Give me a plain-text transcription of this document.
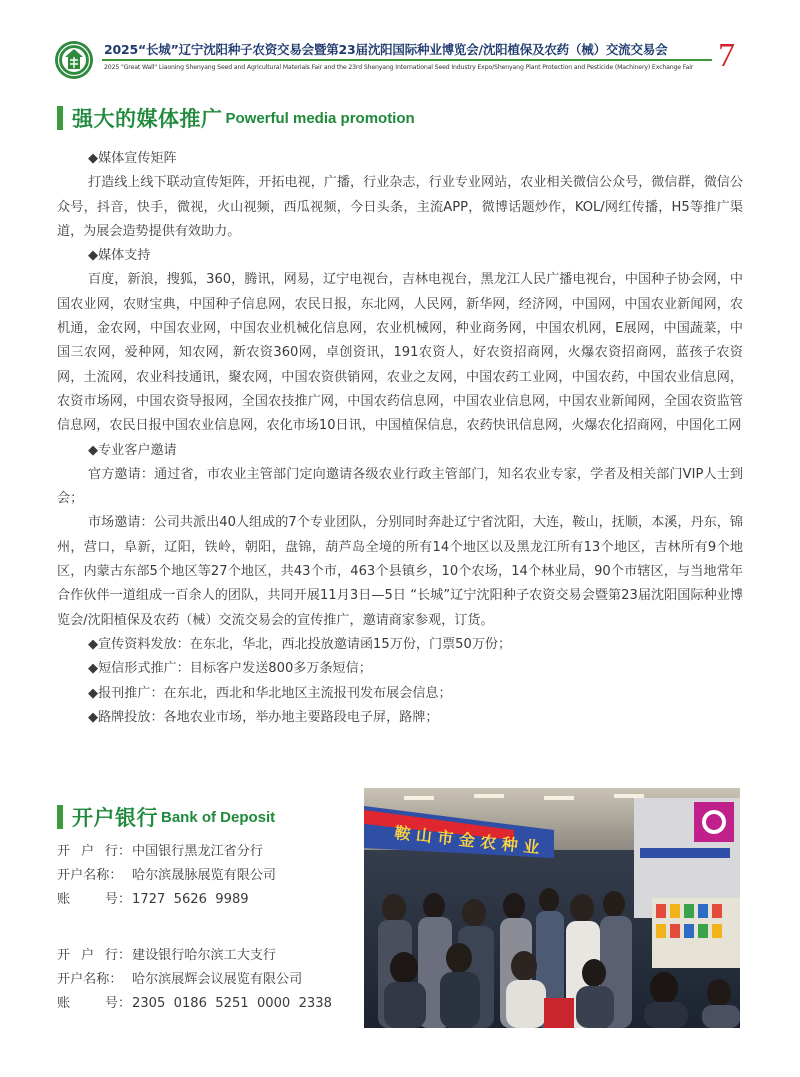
2025“长城”辽宁沈阳种子农资交易会暨第23届沈阳国际种业博览会/沈阳植保及农药（械）交流交易会
2025 "Great Wall" Liaoning Shenyang Seed and Agricultural Materials Fair and the 23rd Shenyang International Seed Industry Expo/Shenyang Plant Protection and Pesticide (Machinery) Exchange Fair 7
强大的媒体推广 Powerful media promotion
◆媒体宣传矩阵
打造线上线下联动宣传矩阵，开拓电视，广播，行业杂志，行业专业网站，农业相关微信公众号，微信群，微信公众号，抖音，快手，微视，火山视频，西瓜视频，今日头条，主流APP，微博话题炒作，KOL/网红传播，H5等推广渠道，为展会造势提供有效助力。
◆媒体支持
百度，新浪，搜狐，360，腾讯，网易，辽宁电视台，吉林电视台，黑龙江人民广播电视台，中国种子协会网，中国农业网，农财宝典，中国种子信息网，农民日报，东北网，人民网，新华网，经济网，中国网，中国农业新闻网，农机通，金农网，中国农业网，中国农业机械化信息网，农业机械网，种业商务网，中国农机网，E展网，中国蔬菜，中国三农网，爱种网，知农网，新农资360网，卓创资讯，191农资人，好农资招商网，火爆农资招商网，蓝孩子农资网，土流网，农业科技通讯，聚农网，中国农资供销网，农业之友网，中国农药工业网，中国农药，中国农业信息网，农资市场网，中国农资导报网，全国农技推广网，中国农药信息网，中国农业信息网，中国农业新闻网，全国农资监管信息网，农民日报中国农业信息网，农化市场10日讯，中国植保信息，农药快讯信息网，火爆农化招商网，中国化工网
◆专业客户邀请
官方邀请：通过省，市农业主管部门定向邀请各级农业行政主管部门，知名农业专家，学者及相关部门VIP人士到会；
市场邀请：公司共派出40人组成的7个专业团队，分别同时奔赴辽宁省沈阳，大连，鞍山，抚顺，本溪，丹东，锦州，营口，阜新，辽阳，铁岭，朝阳，盘锦，葫芦岛全境的所有14个地区以及黑龙江所有13个地区，吉林所有9个地区，内蒙古东部5个地区等27个地区，共43个市，463个县镇乡，10个农场，14个林业局，90个市辖区，与当地常年合作伙伴一道组成一百余人的团队，共同开展11月3日—5日 “长城”辽宁沈阳种子农资交易会暨第23届沈阳国际种业博览会/沈阳植保及农药（械）交流交易会的宣传推广，邀请商家参观，订货。
◆宣传资料发放：在东北，华北，西北投放邀请函15万份，门票50万份；
◆短信形式推广：目标客户发送800多万条短信；
◆报刊推广：在东北，西北和华北地区主流报刊发布展会信息；
◆路牌投放：各地农业市场，举办地主要路段电子屏，路牌；
开户银行 Bank of Deposit
开 户 行 ： 中国银行黑龙江省分行
开户名称： 哈尔滨晟脉展览有限公司
账	号 ： 1727  5626  9989
开 户 行 ： 建设银行哈尔滨工大支行
开户名称： 哈尔滨展辉会议展览有限公司
账	号 ： 2305  0186  5251  0000  2338
鞍 山 市 金 农 种 业
